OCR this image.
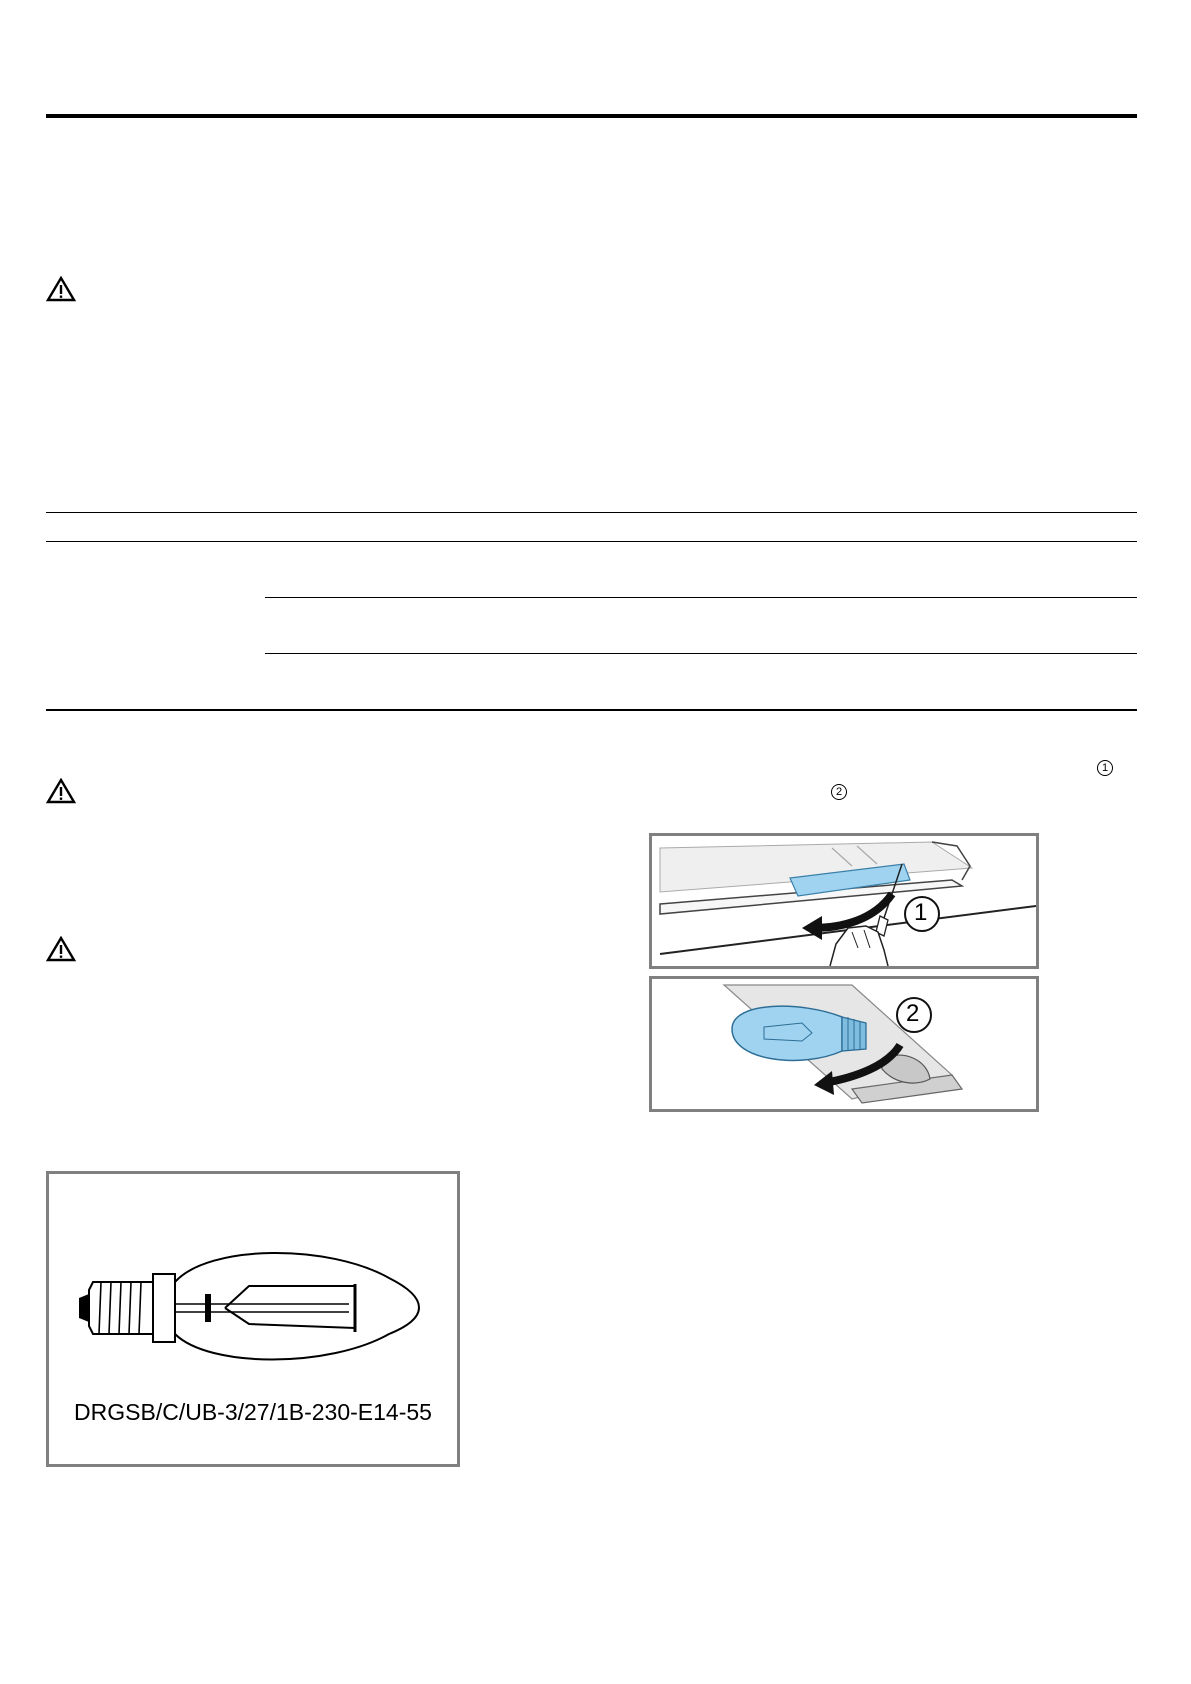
1
2
1
2
DRGSB/C/UB-3/27/1B-230-E14-55
